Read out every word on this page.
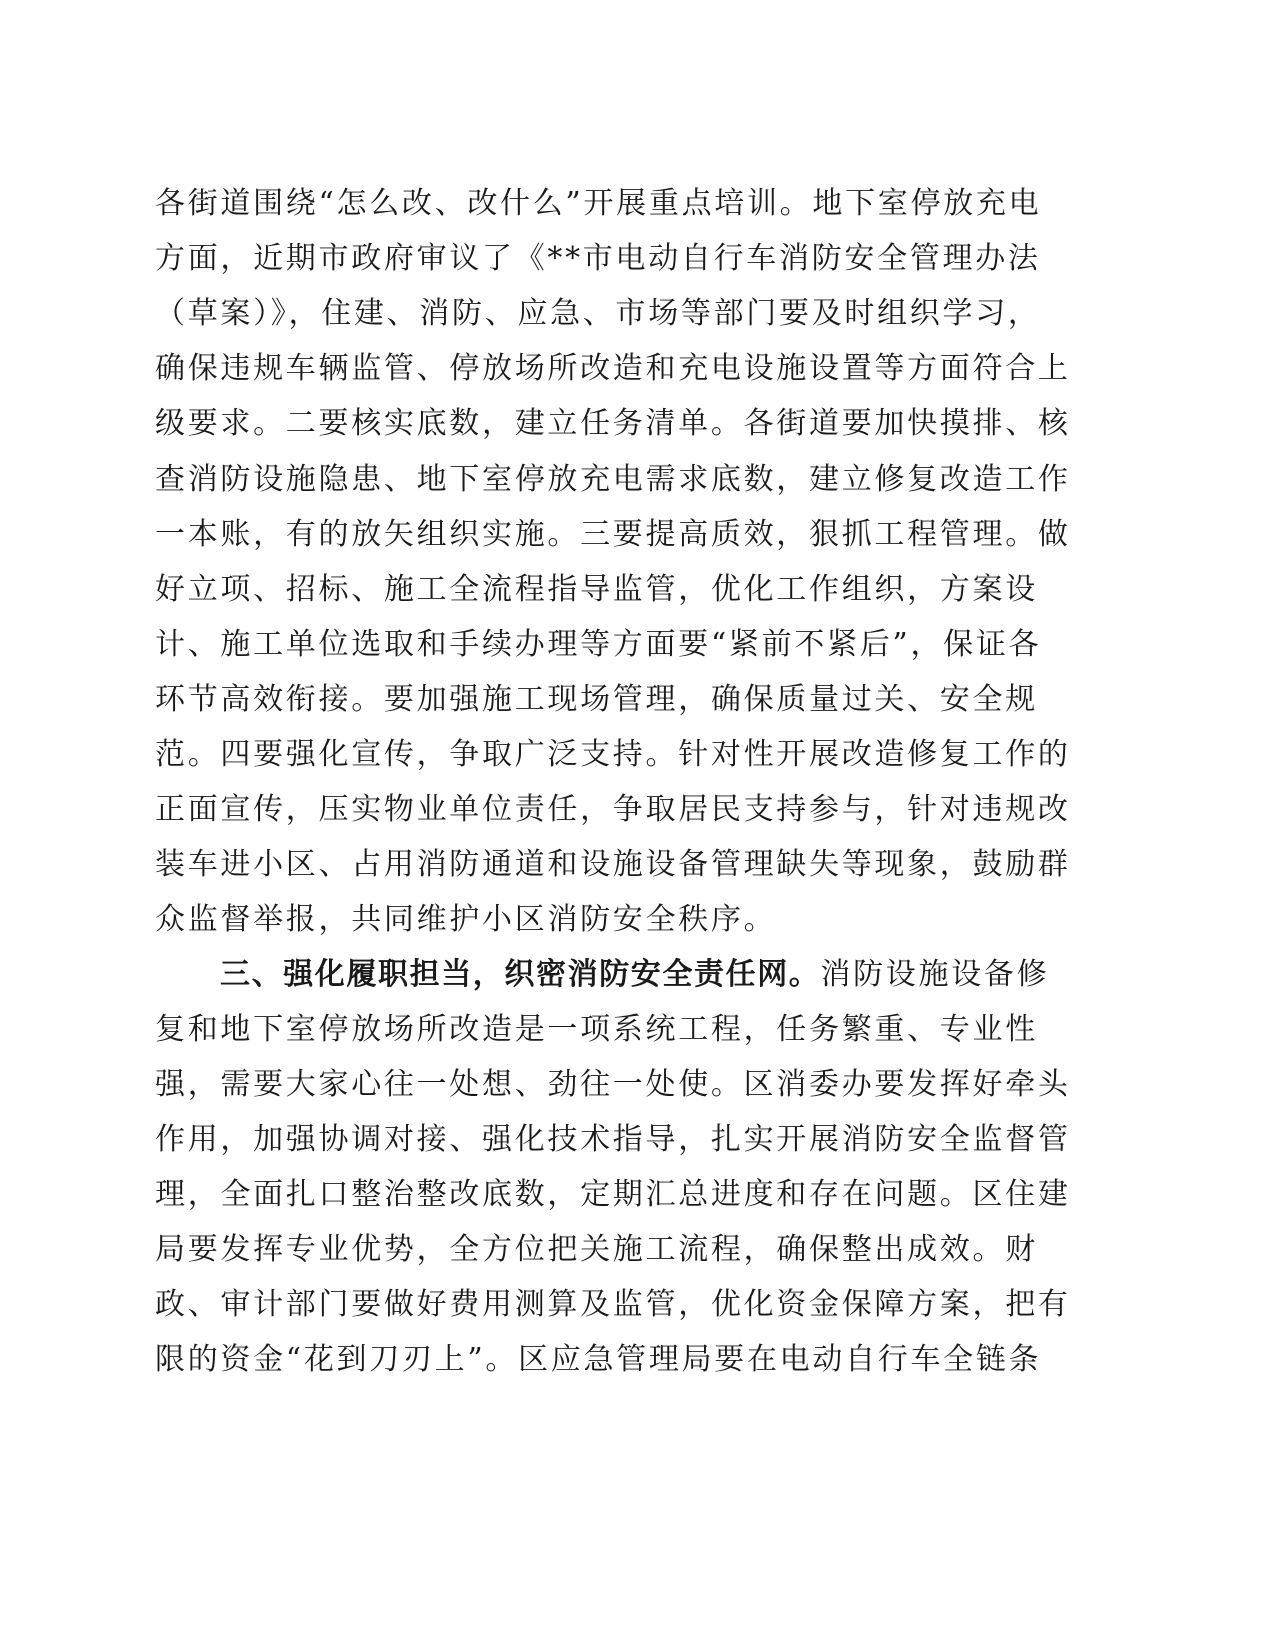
各街道围绕“怎么改、改什么”开展重点培训。地下室停放充电
方面，近期市政府审议了《**市电动自行车消防安全管理办法
（草案）》，住建、消防、应急、市场等部门要及时组织学习，
确保违规车辆监管、停放场所改造和充电设施设置等方面符合上
级要求。二要核实底数，建立任务清单。各街道要加快摸排、核
查消防设施隐患、地下室停放充电需求底数，建立修复改造工作
一本账，有的放矢组织实施。三要提高质效，狠抓工程管理。做
好立项、招标、施工全流程指导监管，优化工作组织，方案设
计、施工单位选取和手续办理等方面要“紧前不紧后”，保证各
环节高效衔接。要加强施工现场管理，确保质量过关、安全规
范。四要强化宣传，争取广泛支持。针对性开展改造修复工作的
正面宣传，压实物业单位责任，争取居民支持参与，针对违规改
装车进小区、占用消防通道和设施设备管理缺失等现象，鼓励群
众监督举报，共同维护小区消防安全秩序。
三、强化履职担当，织密消防安全责任网。消防设施设备修
复和地下室停放场所改造是一项系统工程，任务繁重、专业性
强，需要大家心往一处想、劲往一处使。区消委办要发挥好牵头
作用，加强协调对接、强化技术指导，扎实开展消防安全监督管
理，全面扎口整治整改底数，定期汇总进度和存在问题。区住建
局要发挥专业优势，全方位把关施工流程，确保整出成效。财
政、审计部门要做好费用测算及监管，优化资金保障方案，把有
限的资金“花到刀刃上”。区应急管理局要在电动自行车全链条
